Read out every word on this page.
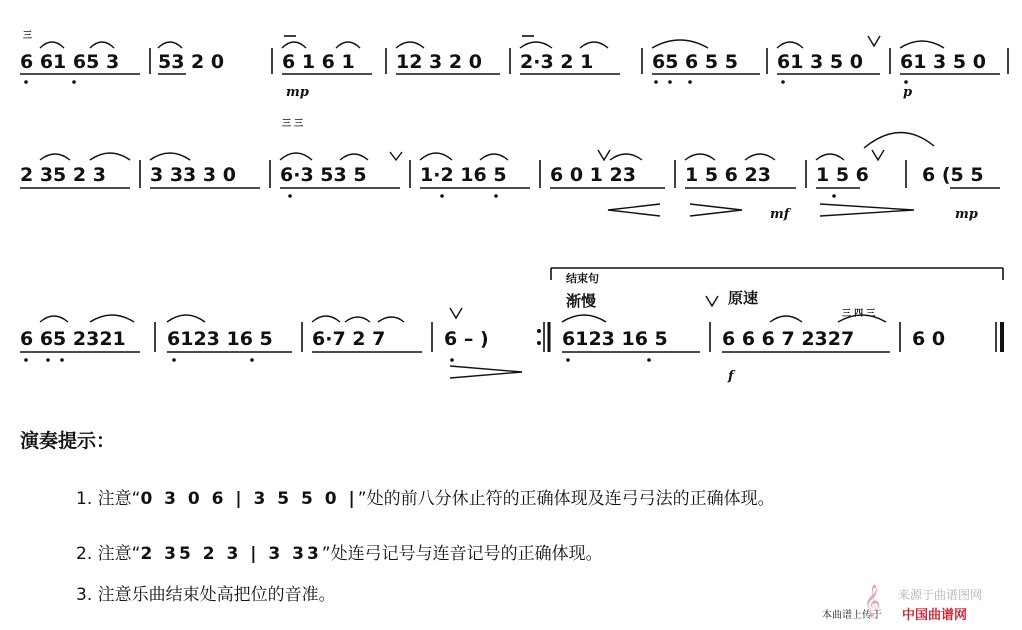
三
6 61 65 3 53 2 0	6 1 6 1 12 3 2 0 2·3 2 1	65 6 5 5 61 3 5 0 61 3 5 0
mp	p
三 三
2 35 2 3 3 33 3 0 6·3 53 5	1·2 16 5 6 0 1 23	1 5 6 23 1 5 6	6 (5 5
mf	mp
结束句
渐慢	原速
三 四 三
6 65 2321 6123 16 5 6·7 2 7	6 – )	6123 16 5	6 6 6 7 2327	6 0
f
演奏提示：
1. 注意“0 3 0 6 | 3 5 5 0 |”处的前八分休止符的正确体现及连弓弓法的正确体现。
2. 注意“2 35 2 3 | 3 33”处连弓记号与连音记号的正确体现。
3. 注意乐曲结束处高把位的音准。	来源于曲谱图网
本曲谱上传于
𝄞 中国曲谱网
